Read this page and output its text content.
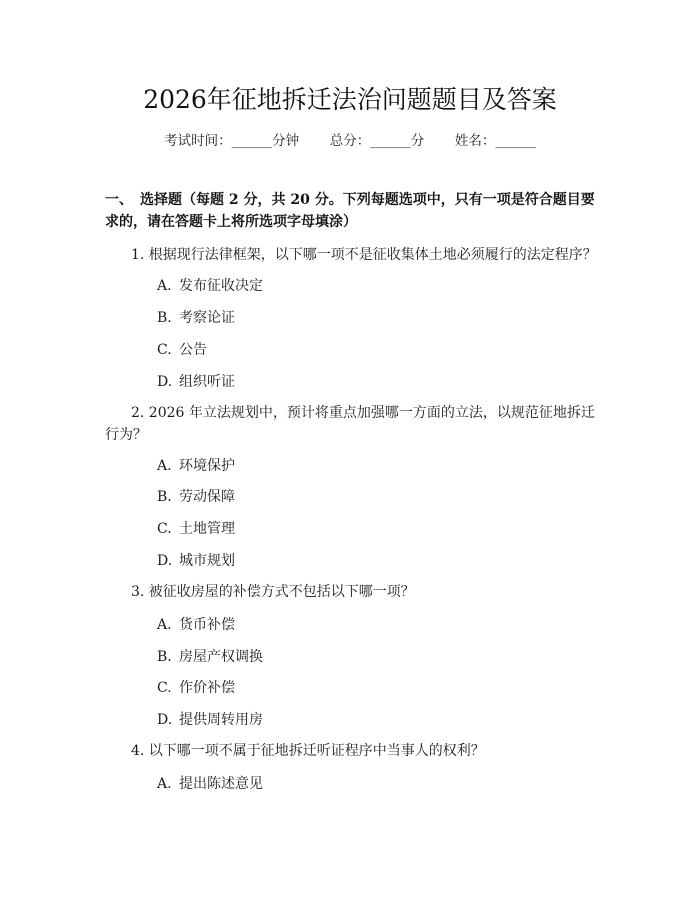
2026年征地拆迁法治问题题目及答案
考试时间：______分钟 总分：______分 姓名：______
一、　选择题（每题 2 分，共 20 分。下列每题选项中，只有一项是符合题目要求的，请在答题卡上将所选项字母填涂）
1. 根据现行法律框架，以下哪一项不是征收集体土地必须履行的法定程序？
A. 发布征收决定
B. 考察论证
C. 公告
D. 组织听证
2. 2026 年立法规划中，预计将重点加强哪一方面的立法，以规范征地拆迁行为？
A. 环境保护
B. 劳动保障
C. 土地管理
D. 城市规划
3. 被征收房屋的补偿方式不包括以下哪一项？
A. 货币补偿
B. 房屋产权调换
C. 作价补偿
D. 提供周转用房
4. 以下哪一项不属于征地拆迁听证程序中当事人的权利？
A. 提出陈述意见
